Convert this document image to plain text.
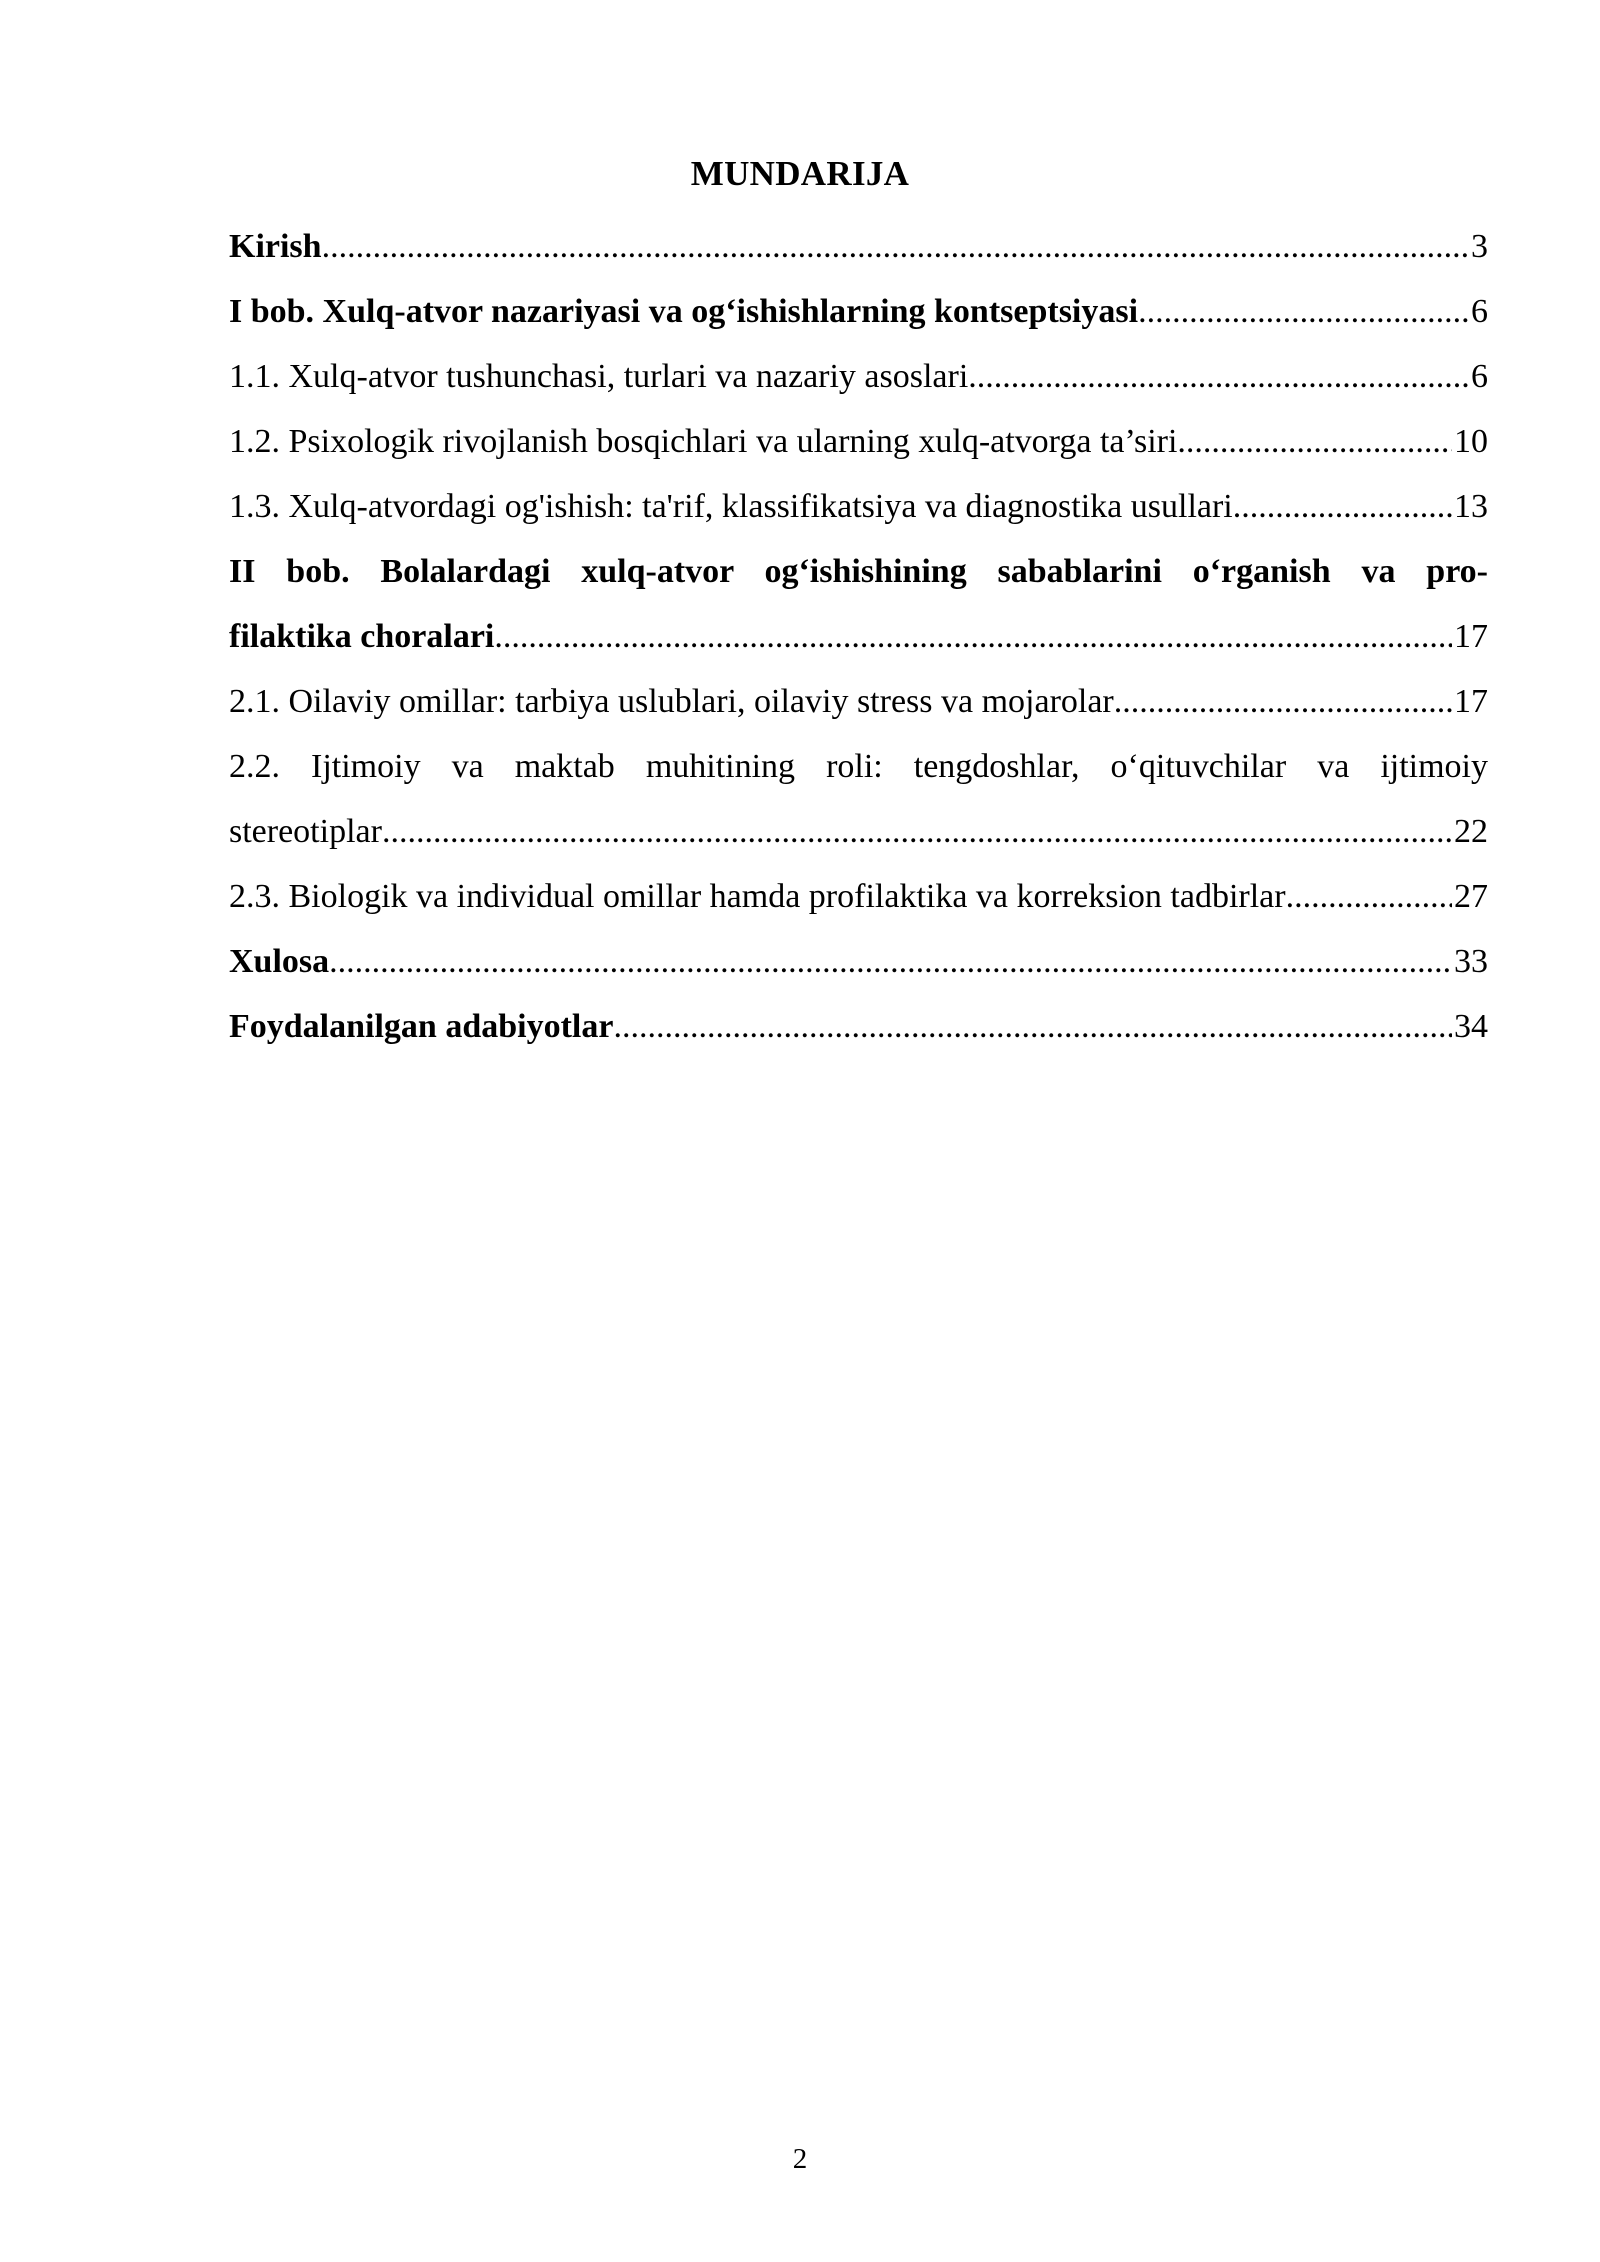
MUNDARIJA
Kirish .....	3
I bob. Xulq-atvor nazariyasi va og‘ishishlarning kontseptsiyasi .....	6
1.1. Xulq-atvor tushunchasi, turlari va nazariy asoslari .....	6
1.2. Psixologik rivojlanish bosqichlari va ularning xulq-atvorga ta’siri .....	10
1.3. Xulq-atvordagi og'ishish: ta'rif, klassifikatsiya va diagnostika usullari .....	13
II bob. Bolalardagi xulq-atvor og‘ishishining sabablarini o‘rganish va pro-
filaktika choralari .....	17
2.1. Oilaviy omillar: tarbiya uslublari, oilaviy stress va mojarolar .....	17
2.2. Ijtimoiy va maktab muhitining roli: tengdoshlar, o‘qituvchilar va ijtimoiy
stereotiplar .....	22
2.3. Biologik va individual omillar hamda profilaktika va korreksion tadbirlar .....	27
Xulosa .....	33
Foydalanilgan adabiyotlar .....	34
2
